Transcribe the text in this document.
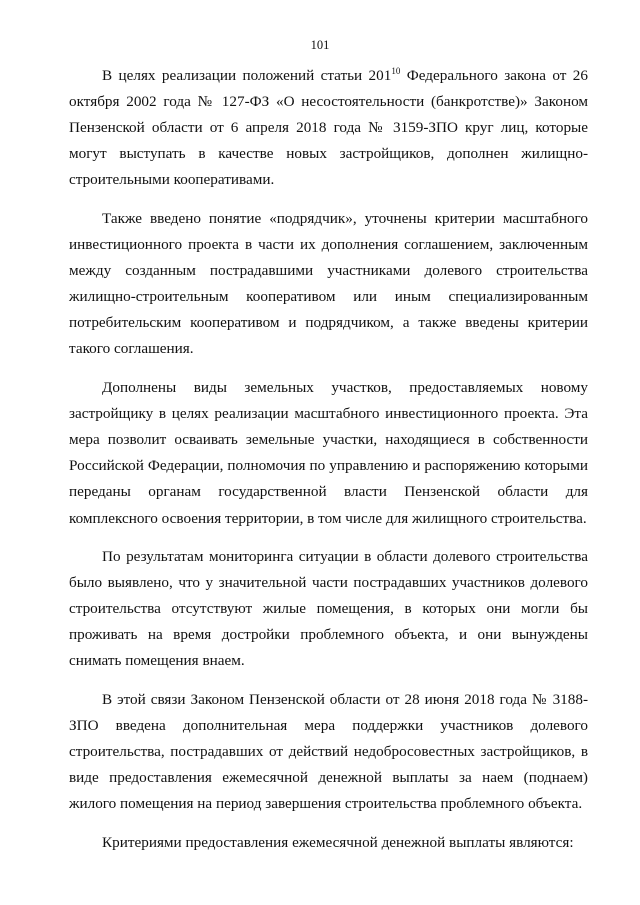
101

В целях реализации положений статьи $201^{10}$ Федерального закона от 26 октября 2002 года № 127-ФЗ «О несостоятельности (банкротстве)» Законом Пензенской области от 6 апреля 2018 года № 3159-ЗПО круг лиц, которые могут выступать в качестве новых застройщиков, дополнен жилищно-строительными кооперативами.

Также введено понятие «подрядчик», уточнены критерии масштабного инвестиционного проекта в части их дополнения соглашением, заключенным между созданным пострадавшими участниками долевого строительства жилищно-строительным кооперативом или иным специализированным потребительским кооперативом и подрядчиком, а также введены критерии такого соглашения.

Дополнены виды земельных участков, предоставляемых новому застройщику в целях реализации масштабного инвестиционного проекта. Эта мера позволит осваивать земельные участки, находящиеся в собственности Российской Федерации, полномочия по управлению и распоряжению которыми переданы органам государственной власти Пензенской области для комплексного освоения территории, в том числе для жилищного строительства.

По результатам мониторинга ситуации в области долевого строительства было выявлено, что у значительной части пострадавших участников долевого строительства отсутствуют жилые помещения, в которых они могли бы проживать на время достройки проблемного объекта, и они вынуждены снимать помещения внаем.

В этой связи Законом Пензенской области от 28 июня 2018 года № 3188-ЗПО введена дополнительная мера поддержки участников долевого строительства, пострадавших от действий недобросовестных застройщиков, в виде предоставления ежемесячной денежной выплаты за наем (поднаем) жилого помещения на период завершения строительства проблемного объекта.

Критериями предоставления ежемесячной денежной выплаты являются:
